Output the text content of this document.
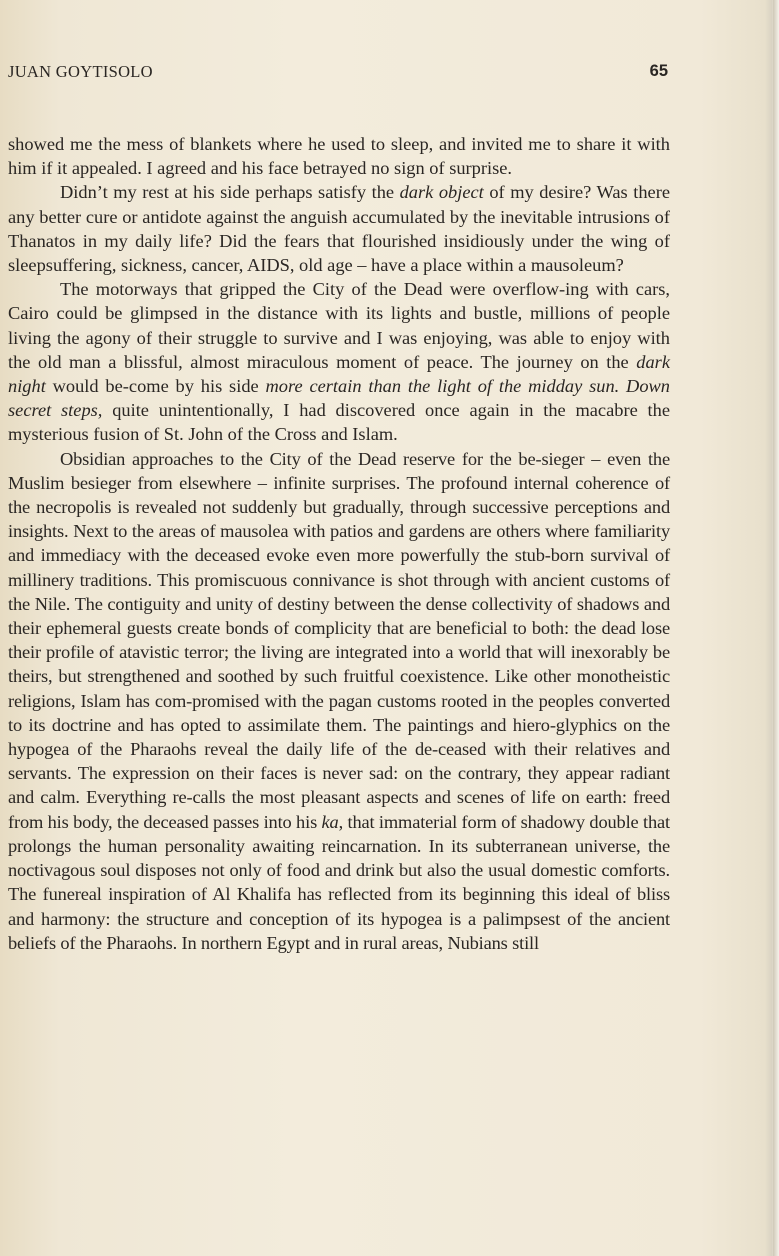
JUAN GOYTISOLO	65

showed me the mess of blankets where he used to sleep, and invited me to share it with him if it appealed. I agreed and his face betrayed no sign of surprise.

Didn’t my rest at his side perhaps satisfy the dark object of my desire? Was there any better cure or antidote against the anguish accumulated by the inevitable intrusions of Thanatos in my daily life? Did the fears that flourished insidiously under the wing of sleepsuffering, sickness, cancer, AIDS, old age – have a place within a mausoleum?

The motorways that gripped the City of the Dead were overflow-ing with cars, Cairo could be glimpsed in the distance with its lights and bustle, millions of people living the agony of their struggle to survive and I was enjoying, was able to enjoy with the old man a blissful, almost miraculous moment of peace. The journey on the dark night would be-come by his side more certain than the light of the midday sun. Down secret steps, quite unintentionally, I had discovered once again in the macabre the mysterious fusion of St. John of the Cross and Islam.

Obsidian approaches to the City of the Dead reserve for the be-sieger – even the Muslim besieger from elsewhere – infinite surprises. The profound internal coherence of the necropolis is revealed not suddenly but gradually, through successive perceptions and insights. Next to the areas of mausolea with patios and gardens are others where familiarity and immediacy with the deceased evoke even more powerfully the stub-born survival of millinery traditions. This promiscuous connivance is shot through with ancient customs of the Nile. The contiguity and unity of destiny between the dense collectivity of shadows and their ephemeral guests create bonds of complicity that are beneficial to both: the dead lose their profile of atavistic terror; the living are integrated into a world that will inexorably be theirs, but strengthened and soothed by such fruitful coexistence. Like other monotheistic religions, Islam has com-promised with the pagan customs rooted in the peoples converted to its doctrine and has opted to assimilate them. The paintings and hiero-glyphics on the hypogea of the Pharaohs reveal the daily life of the de-ceased with their relatives and servants. The expression on their faces is never sad: on the contrary, they appear radiant and calm. Everything re-calls the most pleasant aspects and scenes of life on earth: freed from his body, the deceased passes into his ka, that immaterial form of shadowy double that prolongs the human personality awaiting reincarnation. In its subterranean universe, the noctivagous soul disposes not only of food and drink but also the usual domestic comforts. The funereal inspiration of Al Khalifa has reflected from its beginning this ideal of bliss and harmony: the structure and conception of its hypogea is a palimpsest of the ancient beliefs of the Pharaohs. In northern Egypt and in rural areas, Nubians still
